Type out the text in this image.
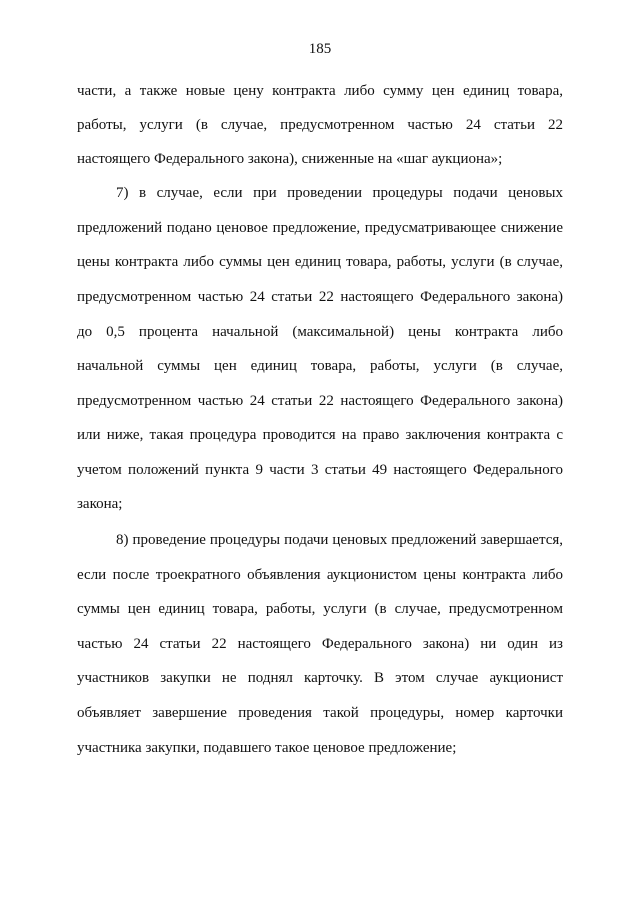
185
части, а также новые цену контракта либо сумму цен единиц товара,
работы, услуги (в случае, предусмотренном частью 24 статьи 22
настоящего Федерального закона), сниженные на «шаг аукциона»;
7) в случае, если при проведении процедуры подачи ценовых
предложений подано ценовое предложение, предусматривающее снижение
цены контракта либо суммы цен единиц товара, работы, услуги (в случае,
предусмотренном частью 24 статьи 22 настоящего Федерального закона)
до 0,5 процента начальной (максимальной) цены контракта либо
начальной суммы цен единиц товара, работы, услуги (в случае,
предусмотренном частью 24 статьи 22 настоящего Федерального закона)
или ниже, такая процедура проводится на право заключения контракта с
учетом положений пункта 9 части 3 статьи 49 настоящего Федерального
закона;
8) проведение процедуры подачи ценовых предложений завершается,
если после троекратного объявления аукционистом цены контракта либо
суммы цен единиц товара, работы, услуги (в случае, предусмотренном
частью 24 статьи 22 настоящего Федерального закона) ни один из
участников закупки не поднял карточку. В этом случае аукционист
объявляет завершение проведения такой процедуры, номер карточки
участника закупки, подавшего такое ценовое предложение;
